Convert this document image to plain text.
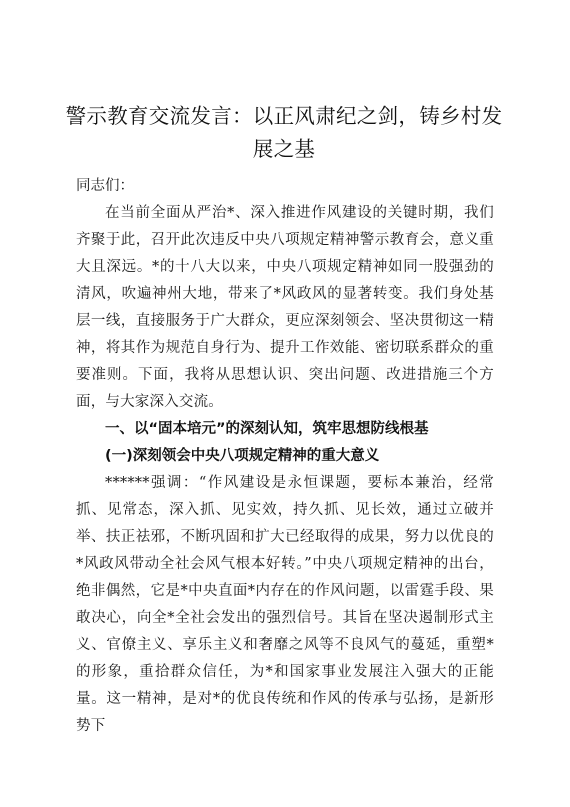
警示教育交流发言：以正风肃纪之剑，铸乡村发展之基
同志们：

在当前全面从严治*、深入推进作风建设的关键时期，我们齐聚于此，召开此次违反中央八项规定精神警示教育会，意义重大且深远。*的十八大以来，中央八项规定精神如同一股强劲的清风，吹遍神州大地，带来了*风政风的显著转变。我们身处基层一线，直接服务于广大群众，更应深刻领会、坚决贯彻这一精神，将其作为规范自身行为、提升工作效能、密切联系群众的重要准则。下面，我将从思想认识、突出问题、改进措施三个方面，与大家深入交流。

一、以“固本培元”的深刻认知，筑牢思想防线根基
(一)深刻领会中央八项规定精神的重大意义

******强调：“作风建设是永恒课题，要标本兼治，经常抓、见常态，深入抓、见实效，持久抓、见长效，通过立破并举、扶正祛邪，不断巩固和扩大已经取得的成果，努力以优良的*风政风带动全社会风气根本好转。”中央八项规定精神的出台，绝非偶然，它是*中央直面*内存在的作风问题，以雷霆手段、果敢决心，向全*全社会发出的强烈信号。其旨在坚决遏制形式主义、官僚主义、享乐主义和奢靡之风等不良风气的蔓延，重塑*的形象，重拾群众信任，为*和国家事业发展注入强大的正能量。这一精神，是对*的优良传统和作风的传承与弘扬，是新形势下
